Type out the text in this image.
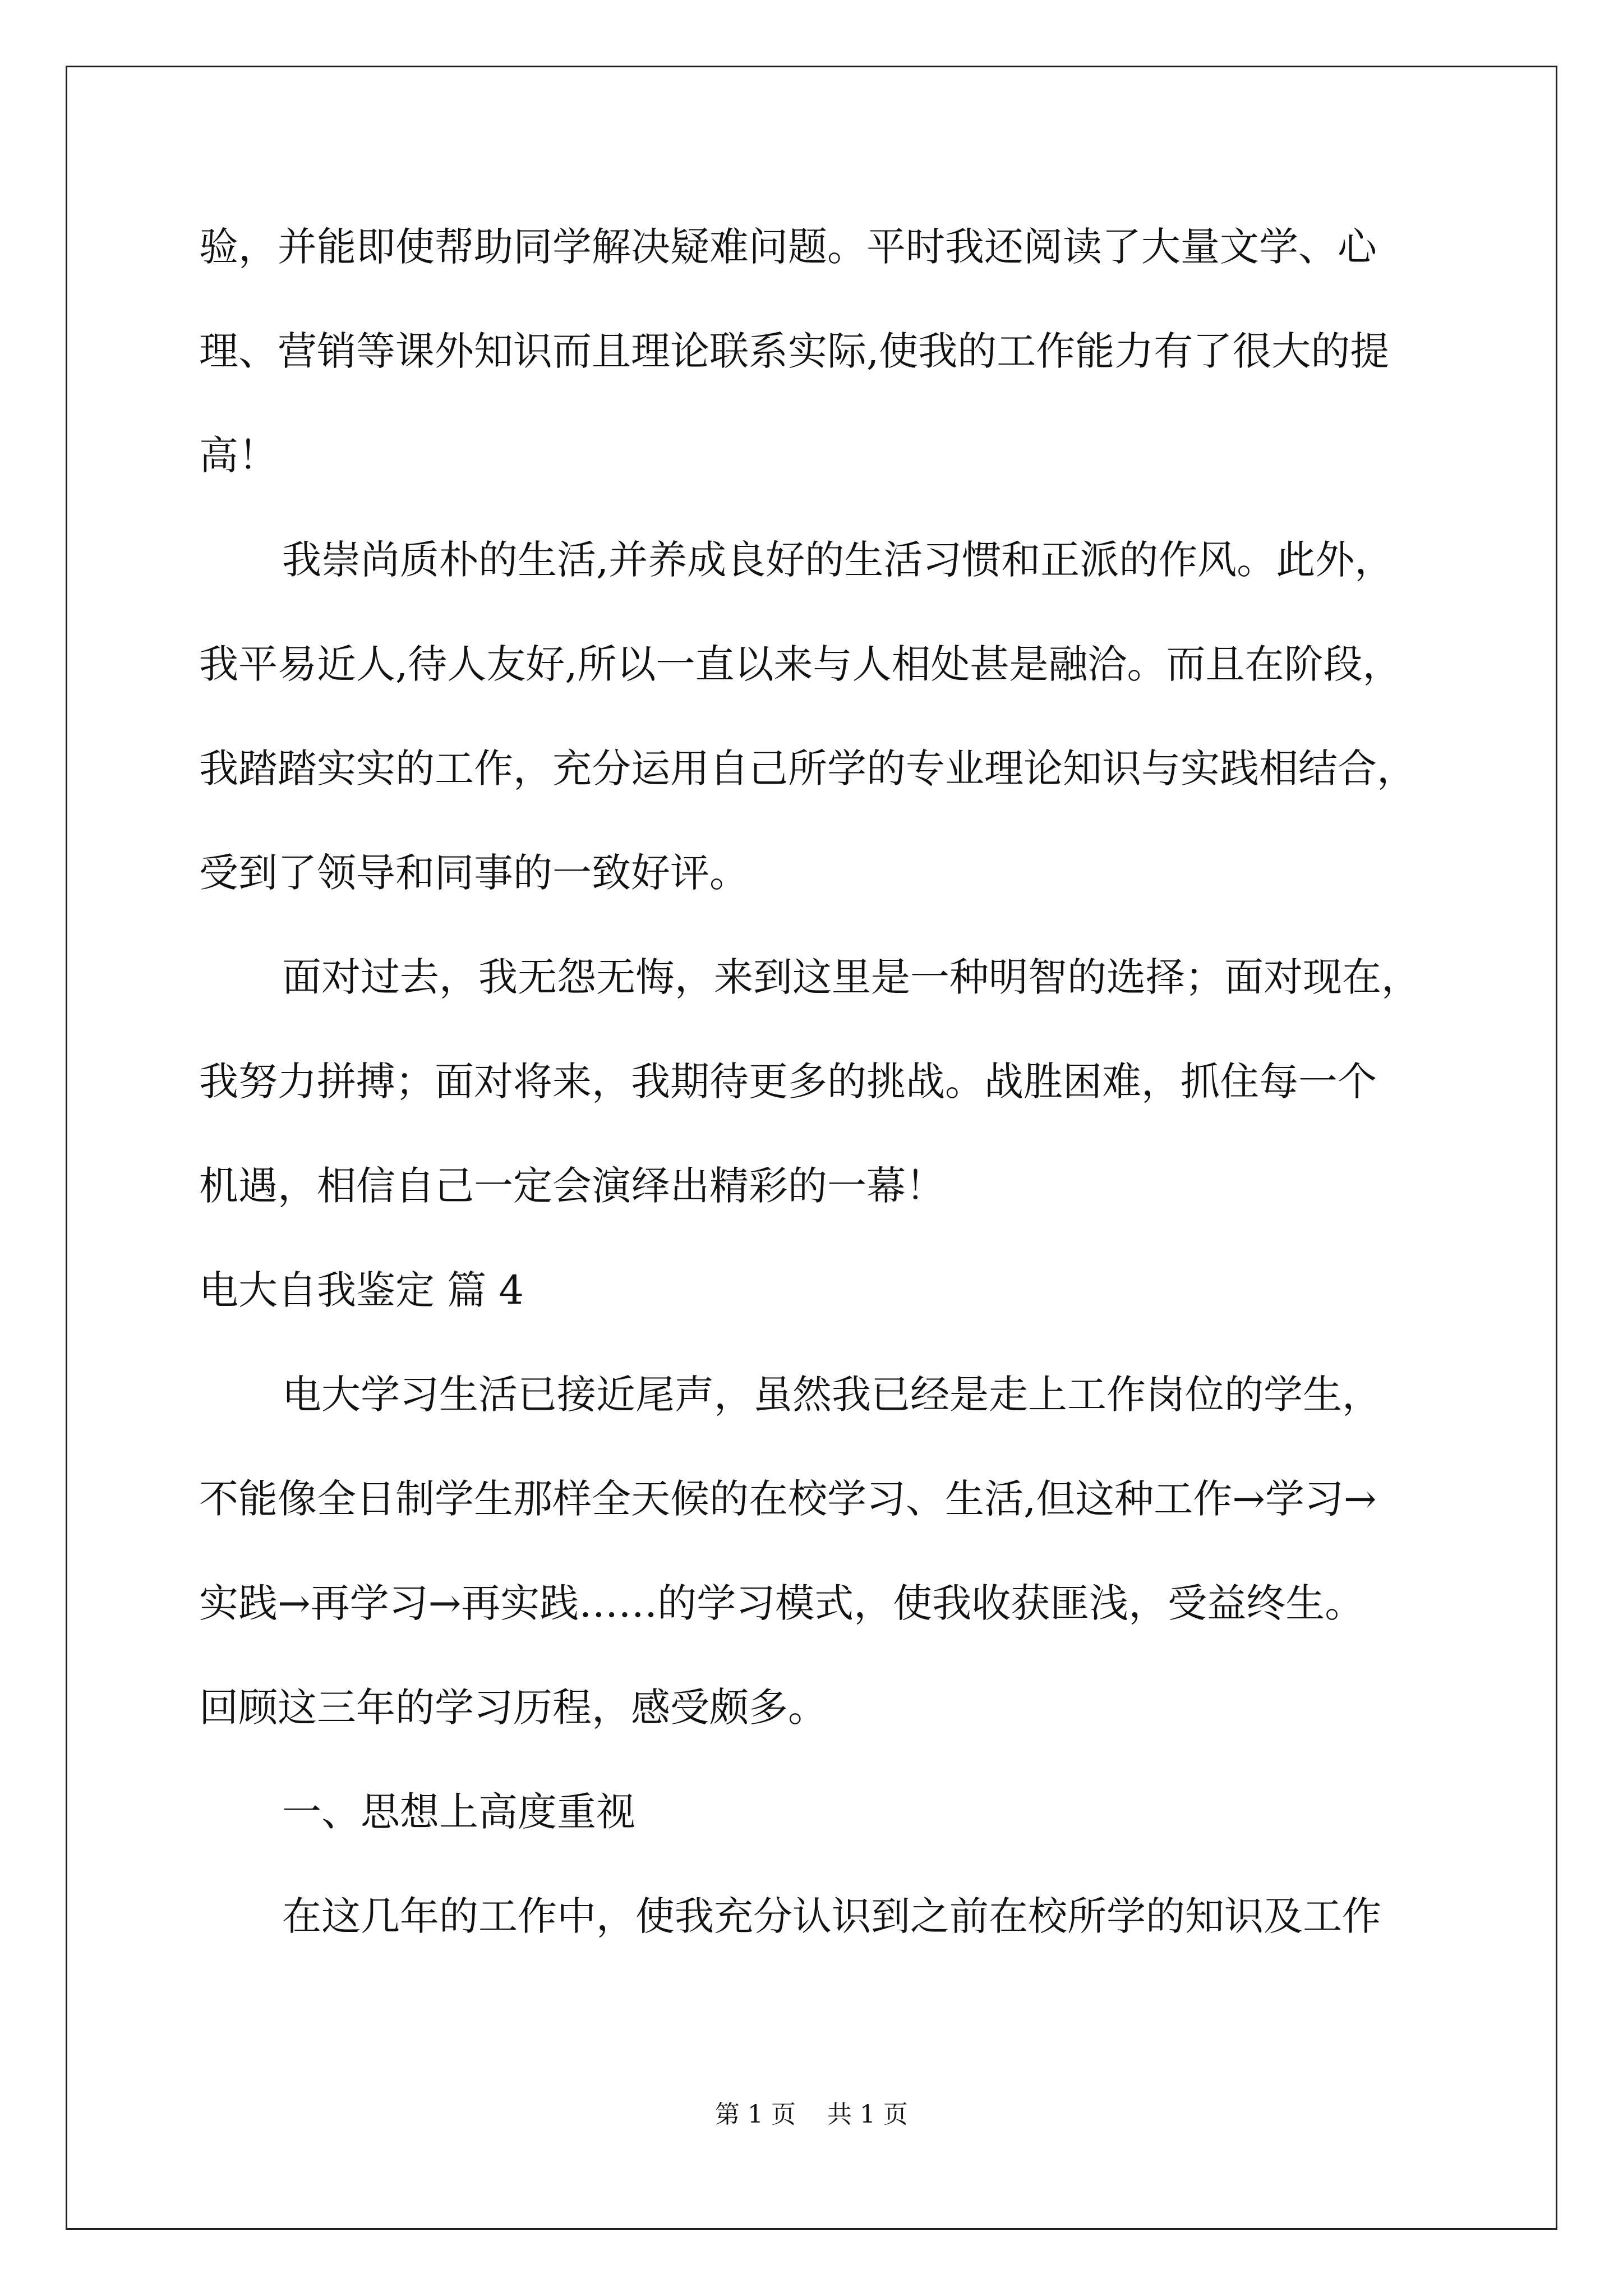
验，并能即使帮助同学解决疑难问题。平时我还阅读了大量文学、心
理、营销等课外知识而且理论联系实际,使我的工作能力有了很大的提
高！
我崇尚质朴的生活,并养成良好的生活习惯和正派的作风。此外，
我平易近人,待人友好,所以一直以来与人相处甚是融洽。而且在阶段，
我踏踏实实的工作，充分运用自己所学的专业理论知识与实践相结合，
受到了领导和同事的一致好评。
面对过去，我无怨无悔，来到这里是一种明智的选择；面对现在，
我努力拼搏；面对将来，我期待更多的挑战。战胜困难，抓住每一个
机遇，相信自己一定会演绎出精彩的一幕！
电大自我鉴定 篇 4
电大学习生活已接近尾声，虽然我已经是走上工作岗位的学生，
不能像全日制学生那样全天候的在校学习、生活,但这种工作→学习→
实践→再学习→再实践……的学习模式，使我收获匪浅，受益终生。
回顾这三年的学习历程，感受颇多。
一、思想上高度重视
在这几年的工作中，使我充分认识到之前在校所学的知识及工作
第 1 页    共 1 页
